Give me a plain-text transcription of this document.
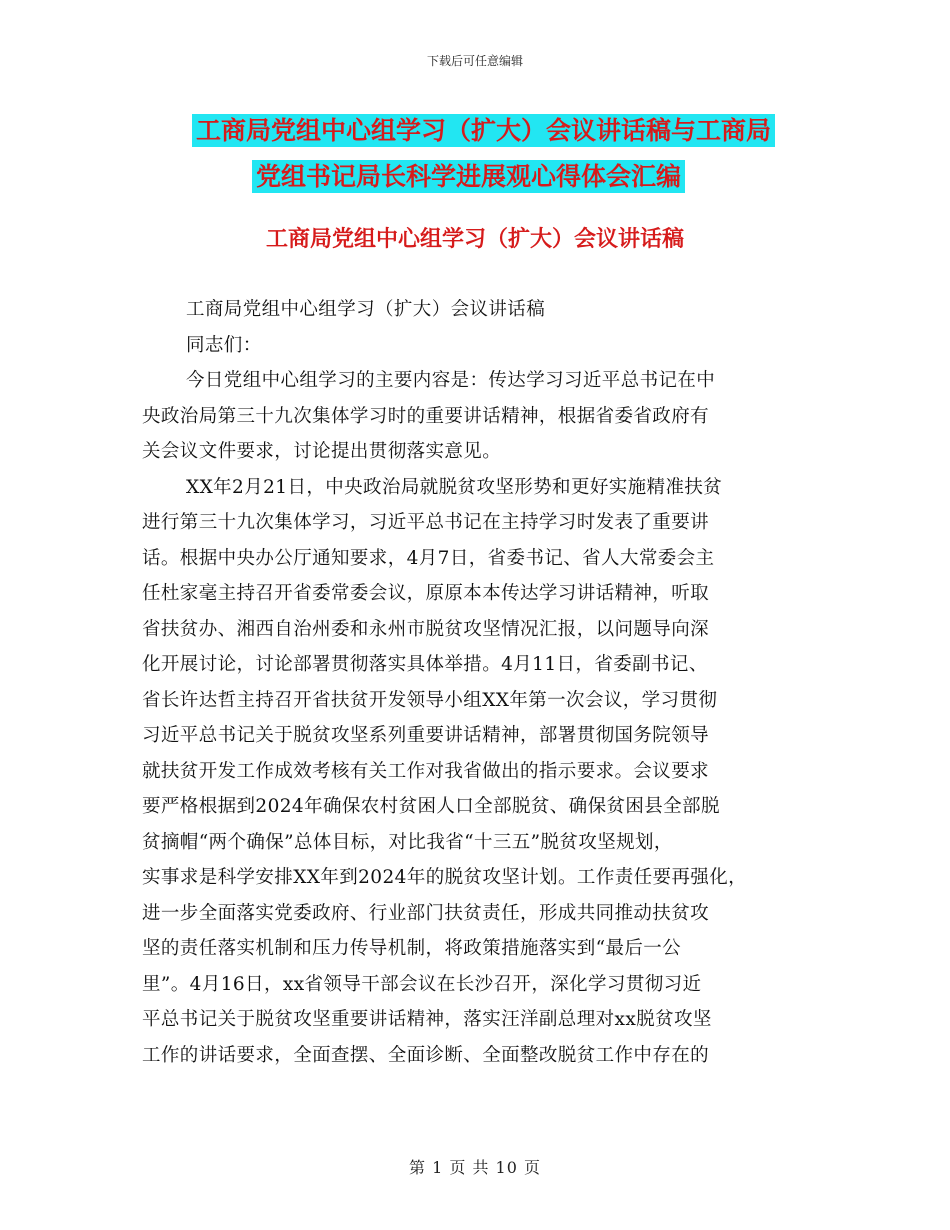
下载后可任意编辑
工商局党组中心组学习（扩大）会议讲话稿与工商局
党组书记局长科学进展观心得体会汇编
工商局党组中心组学习（扩大）会议讲话稿

工商局党组中心组学习（扩大）会议讲话稿

同志们：

今日党组中心组学习的主要内容是：传达学习习近平总书记在中
央政治局第三十九次集体学习时的重要讲话精神，根据省委省政府有
关会议文件要求，讨论提出贯彻落实意见。

XX年2月21日，中央政治局就脱贫攻坚形势和更好实施精准扶贫
进行第三十九次集体学习，习近平总书记在主持学习时发表了重要讲
话。根据中央办公厅通知要求，4月7日，省委书记、省人大常委会主
任杜家毫主持召开省委常委会议，原原本本传达学习讲话精神，听取
省扶贫办、湘西自治州委和永州市脱贫攻坚情况汇报，以问题导向深
化开展讨论，讨论部署贯彻落实具体举措。4月11日，省委副书记、
省长许达哲主持召开省扶贫开发领导小组XX年第一次会议，学习贯彻
习近平总书记关于脱贫攻坚系列重要讲话精神，部署贯彻国务院领导
就扶贫开发工作成效考核有关工作对我省做出的指示要求。会议要求
要严格根据到2024年确保农村贫困人口全部脱贫、确保贫困县全部脱
贫摘帽“两个确保”总体目标，对比我省“十三五”脱贫攻坚规划，
实事求是科学安排XX年到2024年的脱贫攻坚计划。工作责任要再强化，
进一步全面落实党委政府、行业部门扶贫责任，形成共同推动扶贫攻
坚的责任落实机制和压力传导机制，将政策措施落实到“最后一公
里”。4月16日，xx省领导干部会议在长沙召开，深化学习贯彻习近
平总书记关于脱贫攻坚重要讲话精神，落实汪洋副总理对xx脱贫攻坚
工作的讲话要求，全面查摆、全面诊断、全面整改脱贫工作中存在的

第 1 页 共 10 页
